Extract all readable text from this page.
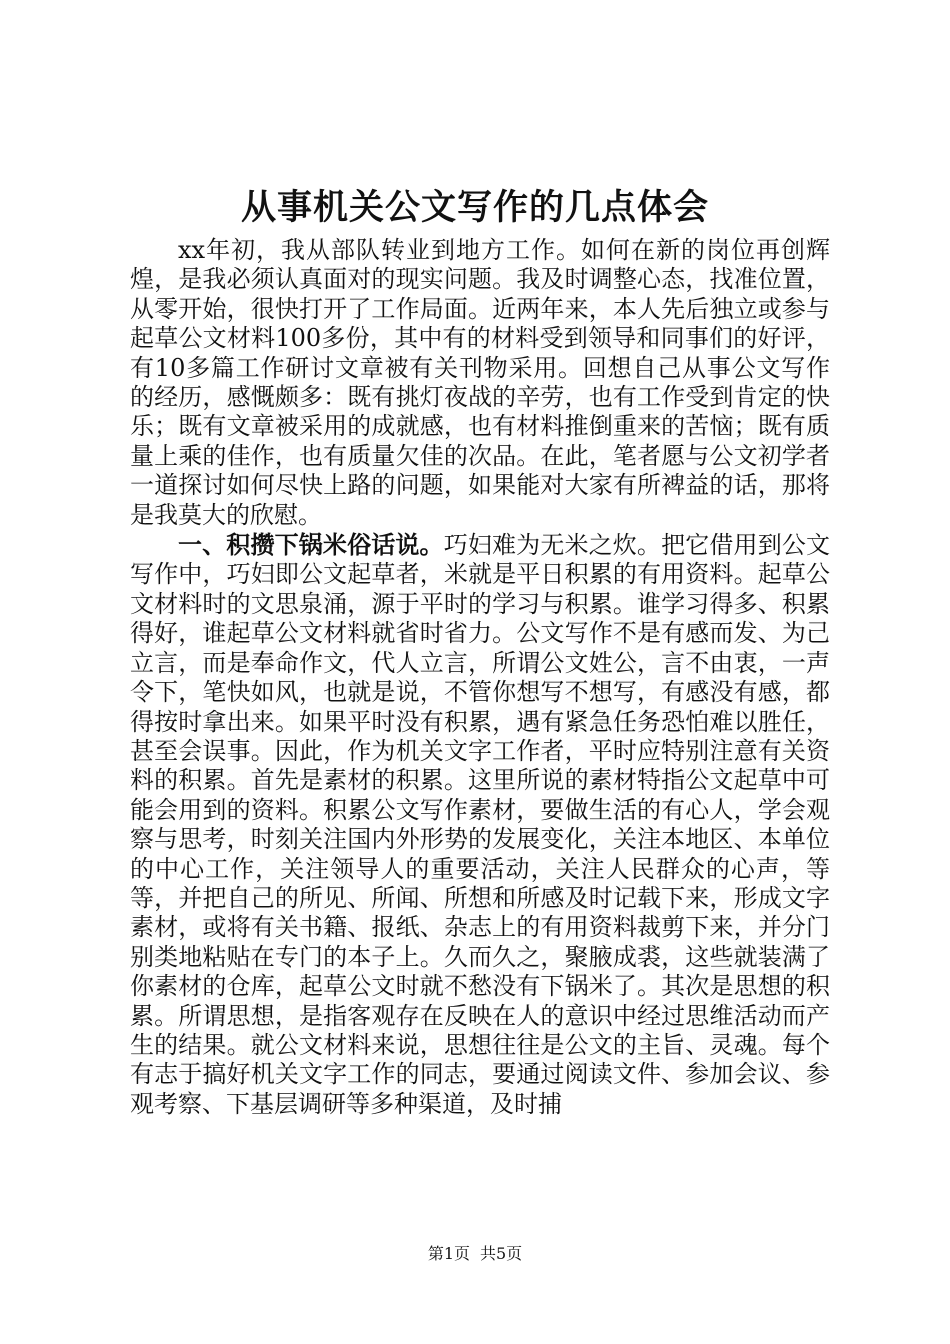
从事机关公文写作的几点体会

xx年初，我从部队转业到地方工作。如何在新的岗位再创辉煌，是我必须认真面对的现实问题。我及时调整心态，找准位置，从零开始，很快打开了工作局面。近两年来，本人先后独立或参与起草公文材料100多份，其中有的材料受到领导和同事们的好评，有10多篇工作研讨文章被有关刊物采用。回想自己从事公文写作的经历，感慨颇多：既有挑灯夜战的辛劳，也有工作受到肯定的快乐；既有文章被采用的成就感，也有材料推倒重来的苦恼；既有质量上乘的佳作，也有质量欠佳的次品。在此，笔者愿与公文初学者一道探讨如何尽快上路的问题，如果能对大家有所裨益的话，那将是我莫大的欣慰。

一、积攒下锅米俗话说。巧妇难为无米之炊。把它借用到公文写作中，巧妇即公文起草者，米就是平日积累的有用资料。起草公文材料时的文思泉涌，源于平时的学习与积累。谁学习得多、积累得好，谁起草公文材料就省时省力。公文写作不是有感而发、为己立言，而是奉命作文，代人立言，所谓公文姓公，言不由衷，一声令下，笔快如风，也就是说，不管你想写不想写，有感没有感，都得按时拿出来。如果平时没有积累，遇有紧急任务恐怕难以胜任，甚至会误事。因此，作为机关文字工作者，平时应特别注意有关资料的积累。首先是素材的积累。这里所说的素材特指公文起草中可能会用到的资料。积累公文写作素材，要做生活的有心人，学会观察与思考，时刻关注国内外形势的发展变化，关注本地区、本单位的中心工作，关注领导人的重要活动，关注人民群众的心声，等等，并把自己的所见、所闻、所想和所感及时记载下来，形成文字素材，或将有关书籍、报纸、杂志上的有用资料裁剪下来，并分门别类地粘贴在专门的本子上。久而久之，聚腋成裘，这些就装满了你素材的仓库，起草公文时就不愁没有下锅米了。其次是思想的积累。所谓思想，是指客观存在反映在人的意识中经过思维活动而产生的结果。就公文材料来说，思想往往是公文的主旨、灵魂。每个有志于搞好机关文字工作的同志，要通过阅读文件、参加会议、参观考察、下基层调研等多种渠道，及时捕

第1页 共5页
